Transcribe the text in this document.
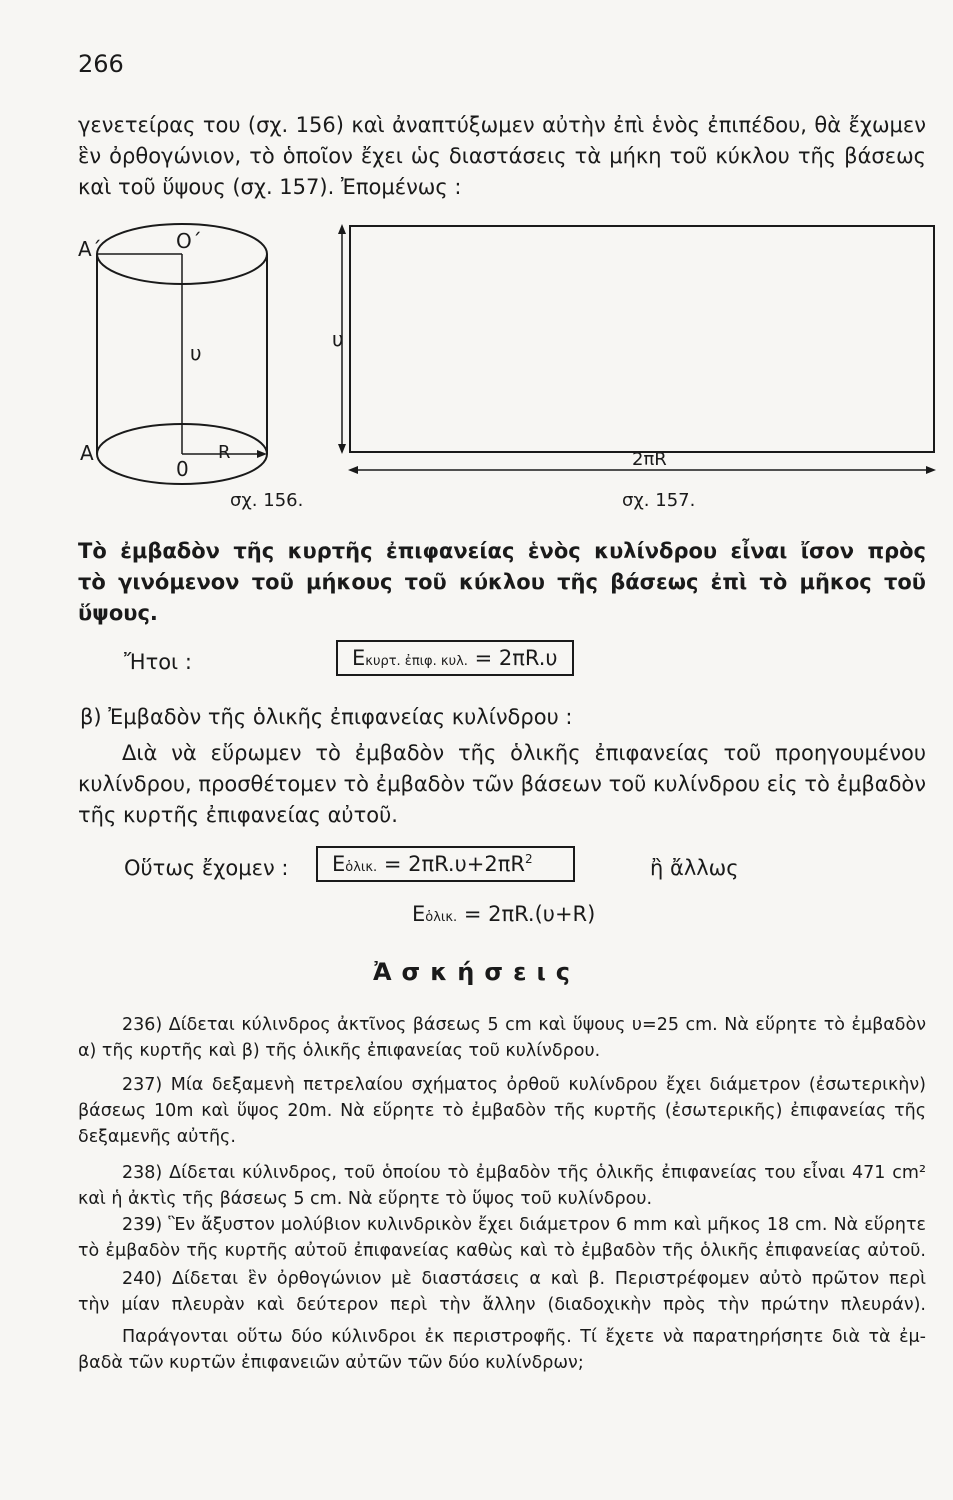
266
γενετείρας του (σχ. 156) καὶ ἀναπτύξωμεν αὐτὴν ἐπὶ ἑνὸς ἐπιπέδου, θὰ ἔχωμεν
ἓν ὀρθογώνιον, τὸ ὁποῖον ἔχει ὡς διαστάσεις τὰ μήκη τοῦ κύκλου τῆς βάσεως
καὶ τοῦ ὕψους (σχ. 157). Ἐπομένως :
A΄	O΄
υ
A
0
R
σχ. 156.
υ
2πR
σχ. 157.
Τὸ ἐμβαδὸν τῆς κυρτῆς ἐπιφανείας ἑνὸς κυλίνδρου εἶναι ἴσον πρὸς
τὸ γινόμενον τοῦ μήκους τοῦ κύκλου τῆς βάσεως ἐπὶ τὸ μῆκος τοῦ
ὕψους.
Ἤτοι :	Eκυρτ. ἐπιφ. κυλ. = 2πR.υ
β) Ἐμβαδὸν τῆς ὁλικῆς ἐπιφανείας κυλίνδρου :
Διὰ νὰ εὕρωμεν τὸ ἐμβαδὸν τῆς ὁλικῆς ἐπιφανείας τοῦ προηγουμένου
κυλίνδρου, προσθέτομεν τὸ ἐμβαδὸν τῶν βάσεων τοῦ κυλίνδρου εἰς τὸ ἐμβαδὸν
τῆς κυρτῆς ἐπιφανείας αὐτοῦ.
Οὕτως ἔχομεν :	Eὁλικ. = $2\pi R.\upsilon+2\pi R^2$	ἢ ἄλλως
Eὁλικ. = 2πR.(υ+R)
Ἀσκήσεις
236) Δίδεται κύλινδρος ἀκτῖνος βάσεως 5 cm καὶ ὕψους υ=25 cm. Νὰ εὕρητε τὸ ἐμβαδὸν
α) τῆς κυρτῆς καὶ β) τῆς ὁλικῆς ἐπιφανείας τοῦ κυλίνδρου.
237) Μία δεξαμενὴ πετρελαίου σχήματος ὀρθοῦ κυλίνδρου ἔχει διάμετρον (ἐσωτερικὴν)
βάσεως 10m καὶ ὕψος 20m. Νὰ εὕρητε τὸ ἐμβαδὸν τῆς κυρτῆς (ἐσωτερικῆς) ἐπιφανείας τῆς
δεξαμενῆς αὐτῆς.
238) Δίδεται κύλινδρος, τοῦ ὁποίου τὸ ἐμβαδὸν τῆς ὁλικῆς ἐπιφανείας του εἶναι 471 cm²
καὶ ἡ ἀκτὶς τῆς βάσεως 5 cm. Νὰ εὕρητε τὸ ὕψος τοῦ κυλίνδρου.
239) Ἓν ἄξυστον μολύβιον κυλινδρικὸν ἔχει διάμετρον 6 mm καὶ μῆκος 18 cm. Νὰ εὕρητε
τὸ ἐμβαδὸν τῆς κυρτῆς αὐτοῦ ἐπιφανείας καθὼς καὶ τὸ ἐμβαδὸν τῆς ὁλικῆς ἐπιφανείας αὐτοῦ.
240) Δίδεται ἓν ὀρθογώνιον μὲ διαστάσεις α καὶ β. Περιστρέφομεν αὐτὸ πρῶτον περὶ
τὴν μίαν πλευρὰν καὶ δεύτερον περὶ τὴν ἄλλην (διαδοχικὴν πρὸς τὴν πρώτην πλευράν).
Παράγονται οὕτω δύο κύλινδροι ἐκ περιστροφῆς. Τί ἔχετε νὰ παρατηρήσητε διὰ τὰ ἐμ-
βαδὰ τῶν κυρτῶν ἐπιφανειῶν αὐτῶν τῶν δύο κυλίνδρων;
